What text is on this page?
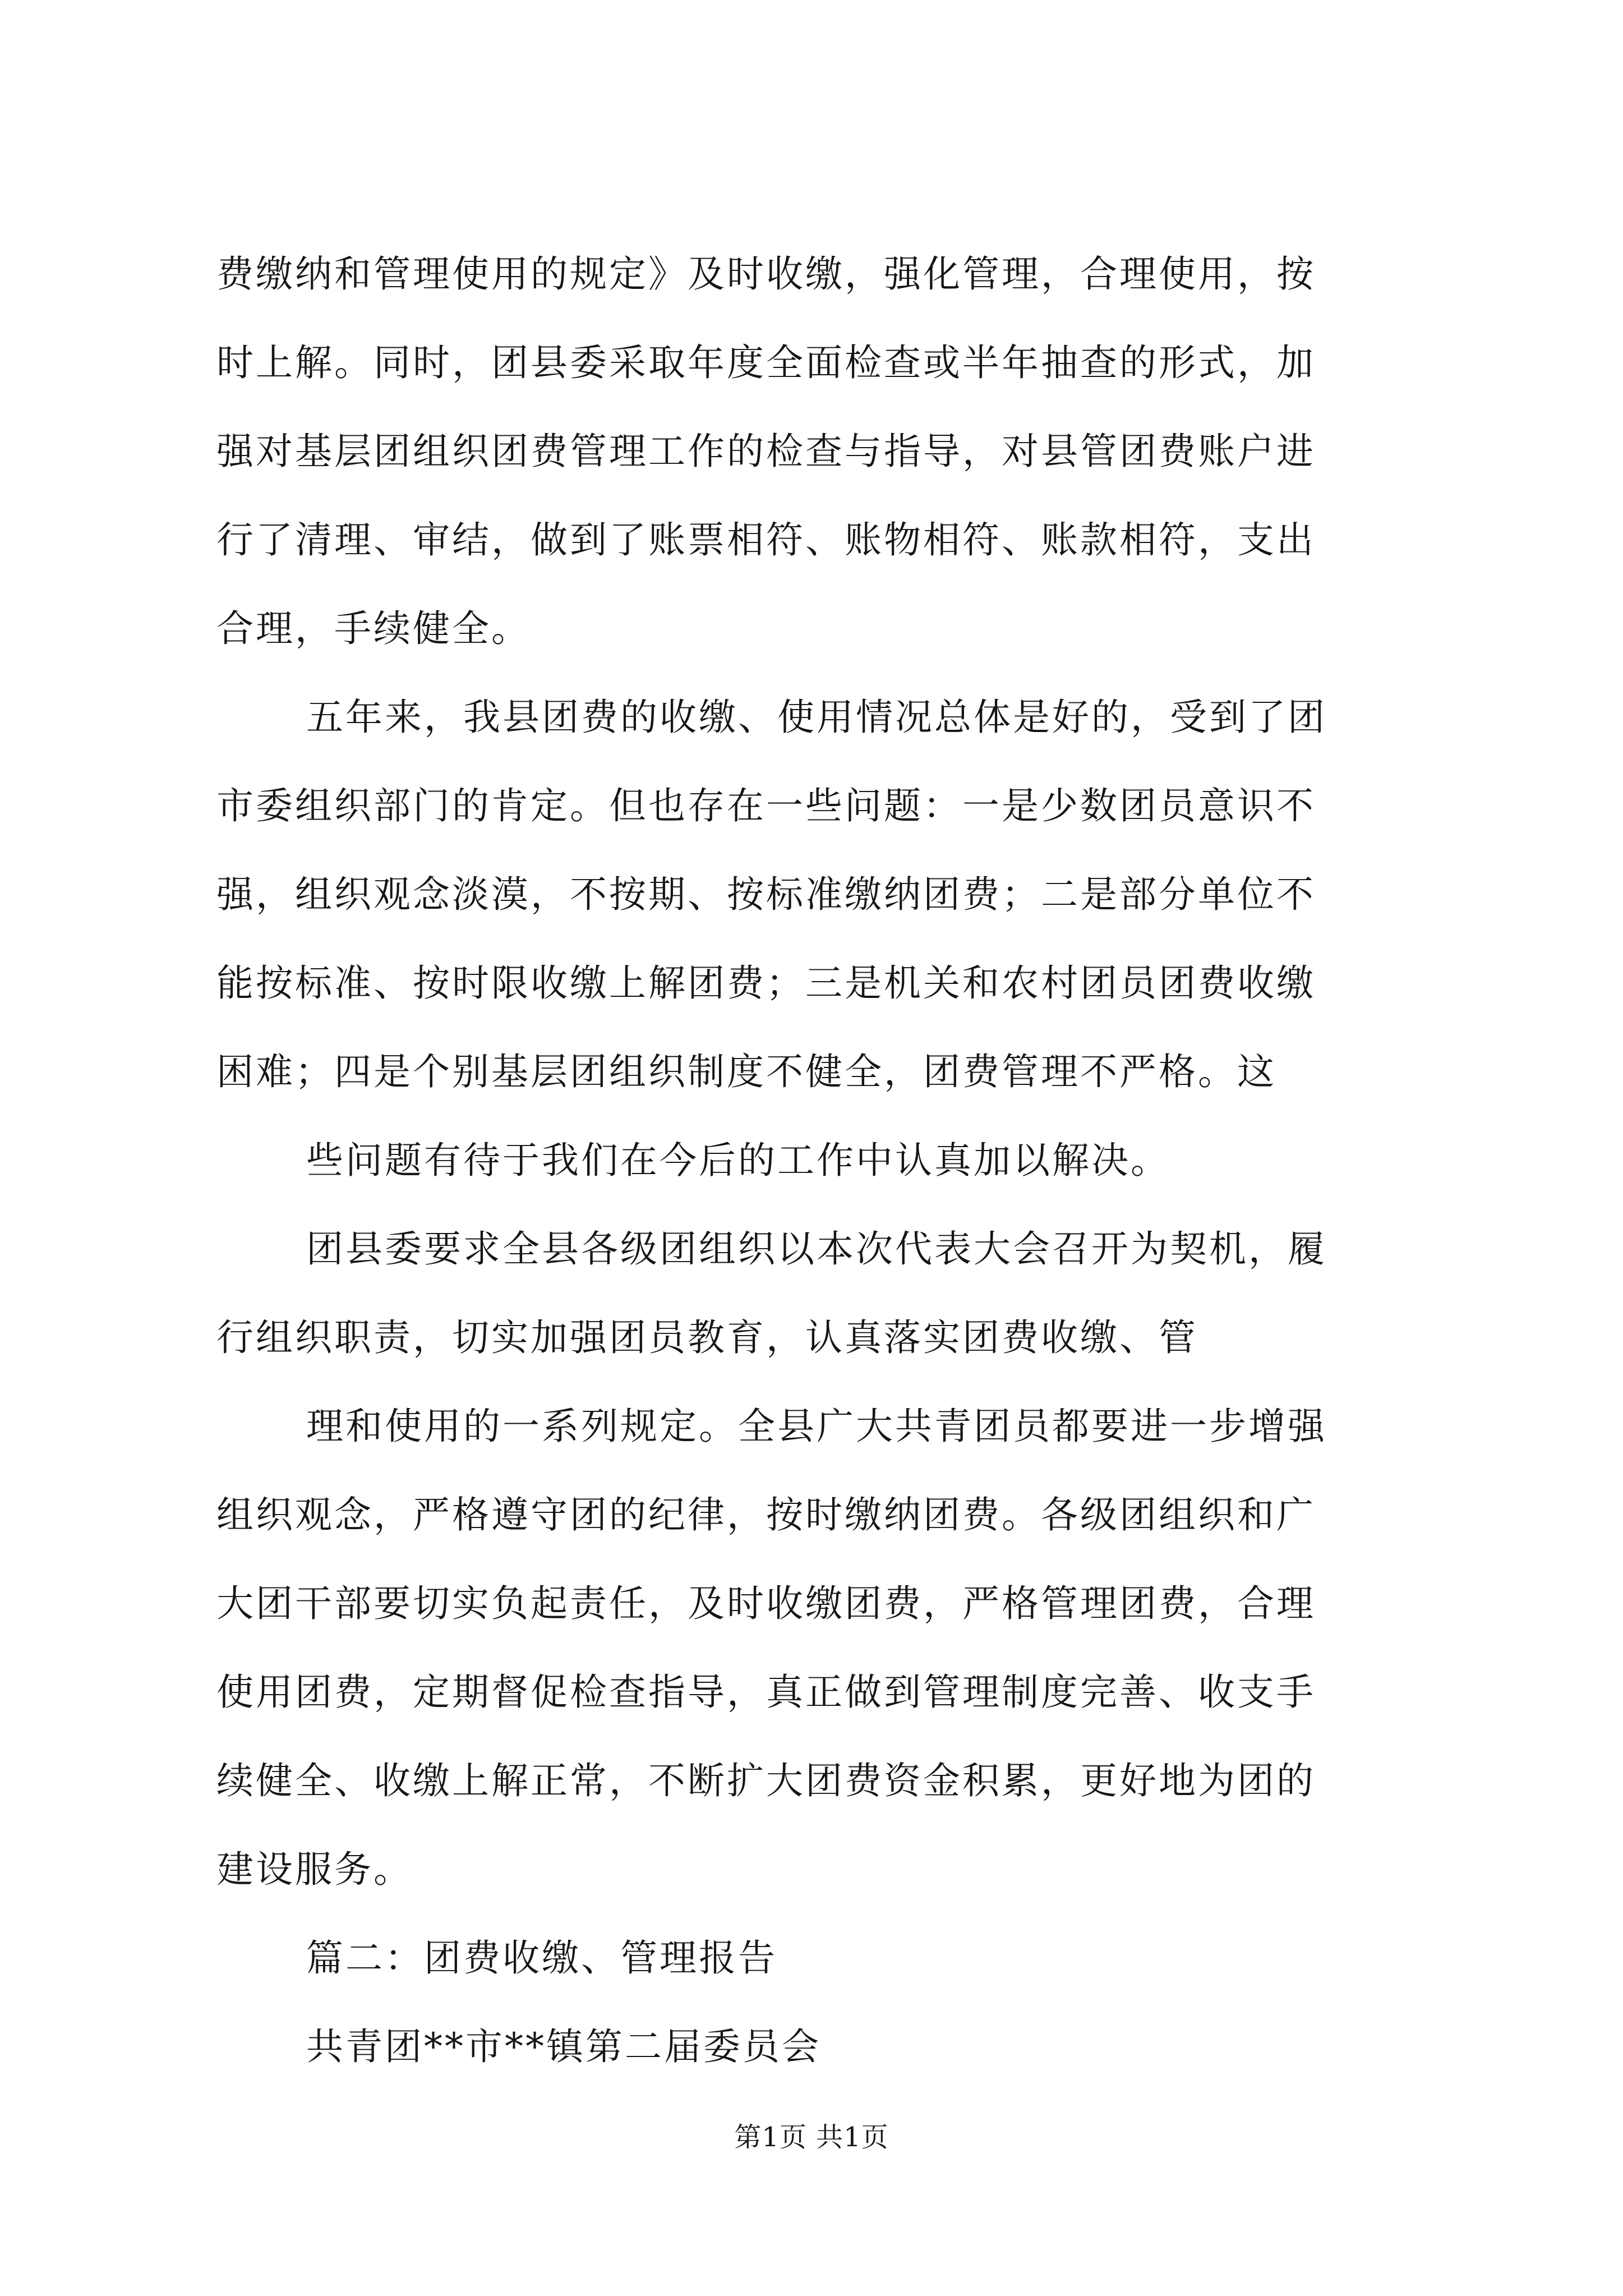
费缴纳和管理使用的规定》及时收缴，强化管理，合理使用，按
时上解。同时，团县委采取年度全面检查或半年抽查的形式，加
强对基层团组织团费管理工作的检查与指导，对县管团费账户进
行了清理、审结，做到了账票相符、账物相符、账款相符，支出
合理，手续健全。
五年来，我县团费的收缴、使用情况总体是好的，受到了团
市委组织部门的肯定。但也存在一些问题：一是少数团员意识不
强，组织观念淡漠，不按期、按标准缴纳团费；二是部分单位不
能按标准、按时限收缴上解团费；三是机关和农村团员团费收缴
困难；四是个别基层团组织制度不健全，团费管理不严格。这
些问题有待于我们在今后的工作中认真加以解决。
团县委要求全县各级团组织以本次代表大会召开为契机，履
行组织职责，切实加强团员教育，认真落实团费收缴、管
理和使用的一系列规定。全县广大共青团员都要进一步增强
组织观念，严格遵守团的纪律，按时缴纳团费。各级团组织和广
大团干部要切实负起责任，及时收缴团费，严格管理团费，合理
使用团费，定期督促检查指导，真正做到管理制度完善、收支手
续健全、收缴上解正常，不断扩大团费资金积累，更好地为团的
建设服务。
篇二：团费收缴、管理报告
共青团**市**镇第二届委员会
第1页 共1页
